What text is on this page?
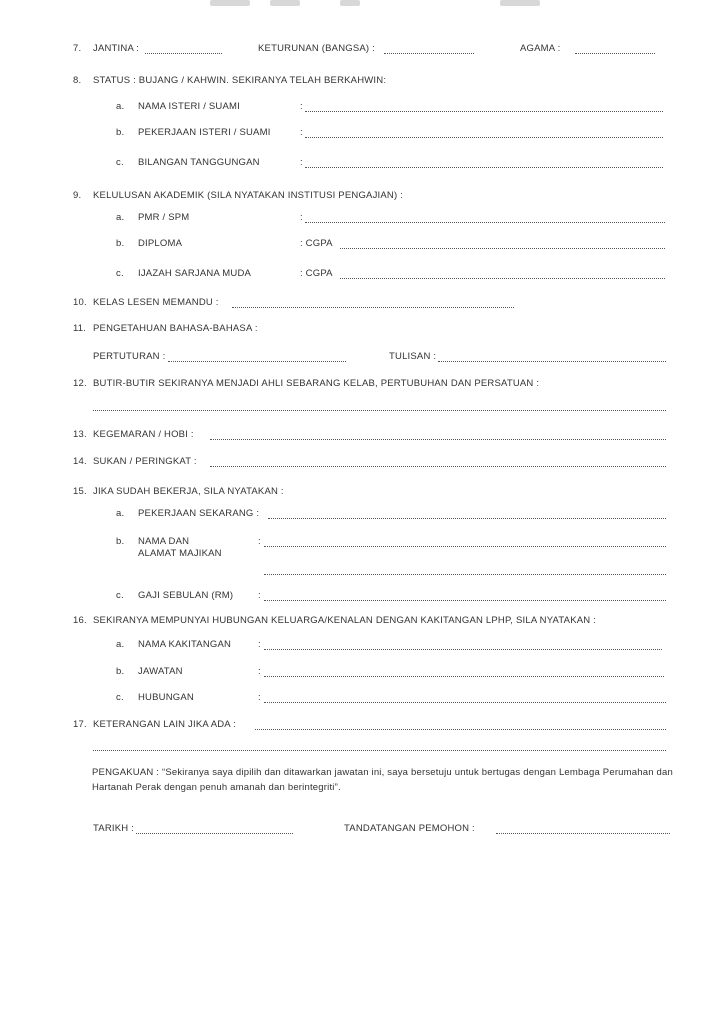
7. JANTINA :	KETURUNAN (BANGSA) :	AGAMA :
8. STATUS : BUJANG / KAHWIN. SEKIRANYA TELAH BERKAHWIN:
a. NAMA ISTERI / SUAMI	:
b. PEKERJAAN ISTERI / SUAMI	:
c. BILANGAN TANGGUNGAN	:
9. KELULUSAN AKADEMIK (SILA NYATAKAN INSTITUSI PENGAJIAN) :
a. PMR / SPM	:
b. DIPLOMA	: CGPA
c. IJAZAH SARJANA MUDA	: CGPA
10. KELAS LESEN MEMANDU :
11. PENGETAHUAN BAHASA-BAHASA :
PERTUTURAN :	TULISAN :
12. BUTIR-BUTIR SEKIRANYA MENJADI AHLI SEBARANG KELAB, PERTUBUHAN DAN PERSATUAN :
13. KEGEMARAN / HOBI :
14. SUKAN / PERINGKAT :
15. JIKA SUDAH BEKERJA, SILA NYATAKAN :
a. PEKERJAAN SEKARANG :
b. NAMA DAN
ALAMAT MAJIKAN
:
c. GAJI SEBULAN (RM)	:
16. SEKIRANYA MEMPUNYAI HUBUNGAN KELUARGA/KENALAN DENGAN KAKITANGAN LPHP, SILA NYATAKAN :
a. NAMA KAKITANGAN	:
b. JAWATAN	:
c. HUBUNGAN	:
17. KETERANGAN LAIN JIKA ADA :
PENGAKUAN : “Sekiranya saya dipilih dan ditawarkan jawatan ini, saya bersetuju untuk bertugas dengan Lembaga Perumahan dan Hartanah Perak dengan penuh amanah dan berintegriti”.
TARIKH :	TANDATANGAN PEMOHON :
